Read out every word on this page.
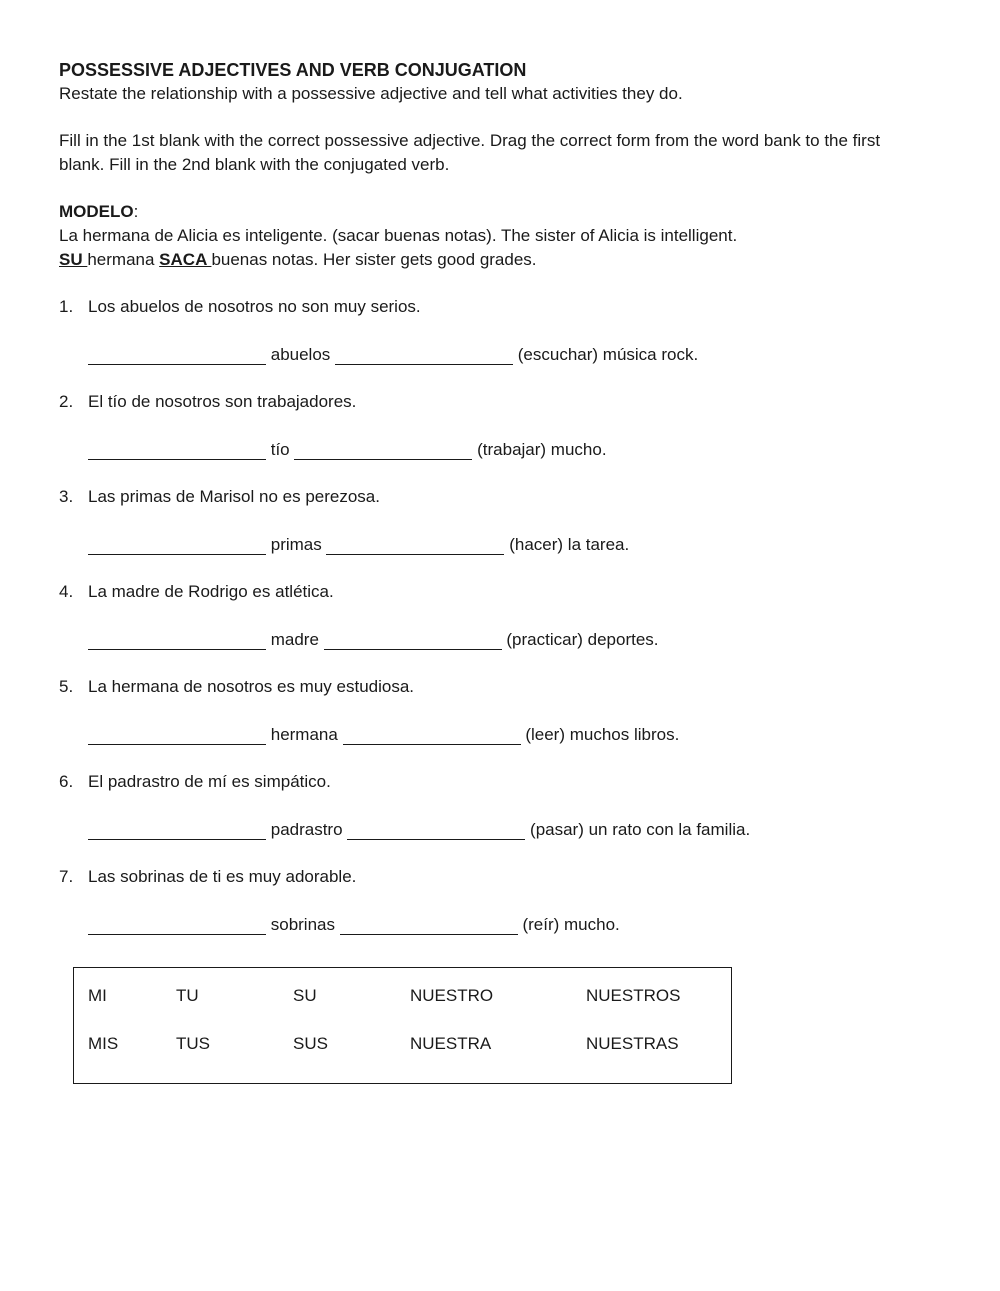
POSSESSIVE ADJECTIVES AND VERB CONJUGATION

Restate the relationship with a possessive adjective and tell what activities they do.

Fill in the 1st blank with the correct possessive adjective. Drag the correct form from the word bank to the first

blank. Fill in the 2nd blank with the conjugated verb.

MODELO:

La hermana de Alicia es inteligente. (sacar buenas notas). The sister of Alicia is intelligent.

SU hermana SACA buenas notas. Her sister gets good grades.

1. Los abuelos de nosotros no son muy serios.

abuelos	(escuchar) música rock.

2. El tío de nosotros son trabajadores.

tío	(trabajar) mucho.

3. Las primas de Marisol no es perezosa.

primas	(hacer) la tarea.

4. La madre de Rodrigo es atlética.

madre	(practicar) deportes.

5. La hermana de nosotros es muy estudiosa.

hermana	(leer) muchos libros.

6. El padrastro de mí es simpático.

padrastro	(pasar) un rato con la familia.

7. Las sobrinas de ti es muy adorable.

sobrinas	(reír) mucho.

MI	TU	SU	NUESTRO	NUESTROS
MIS	TUS	SUS	NUESTRA	NUESTRAS
